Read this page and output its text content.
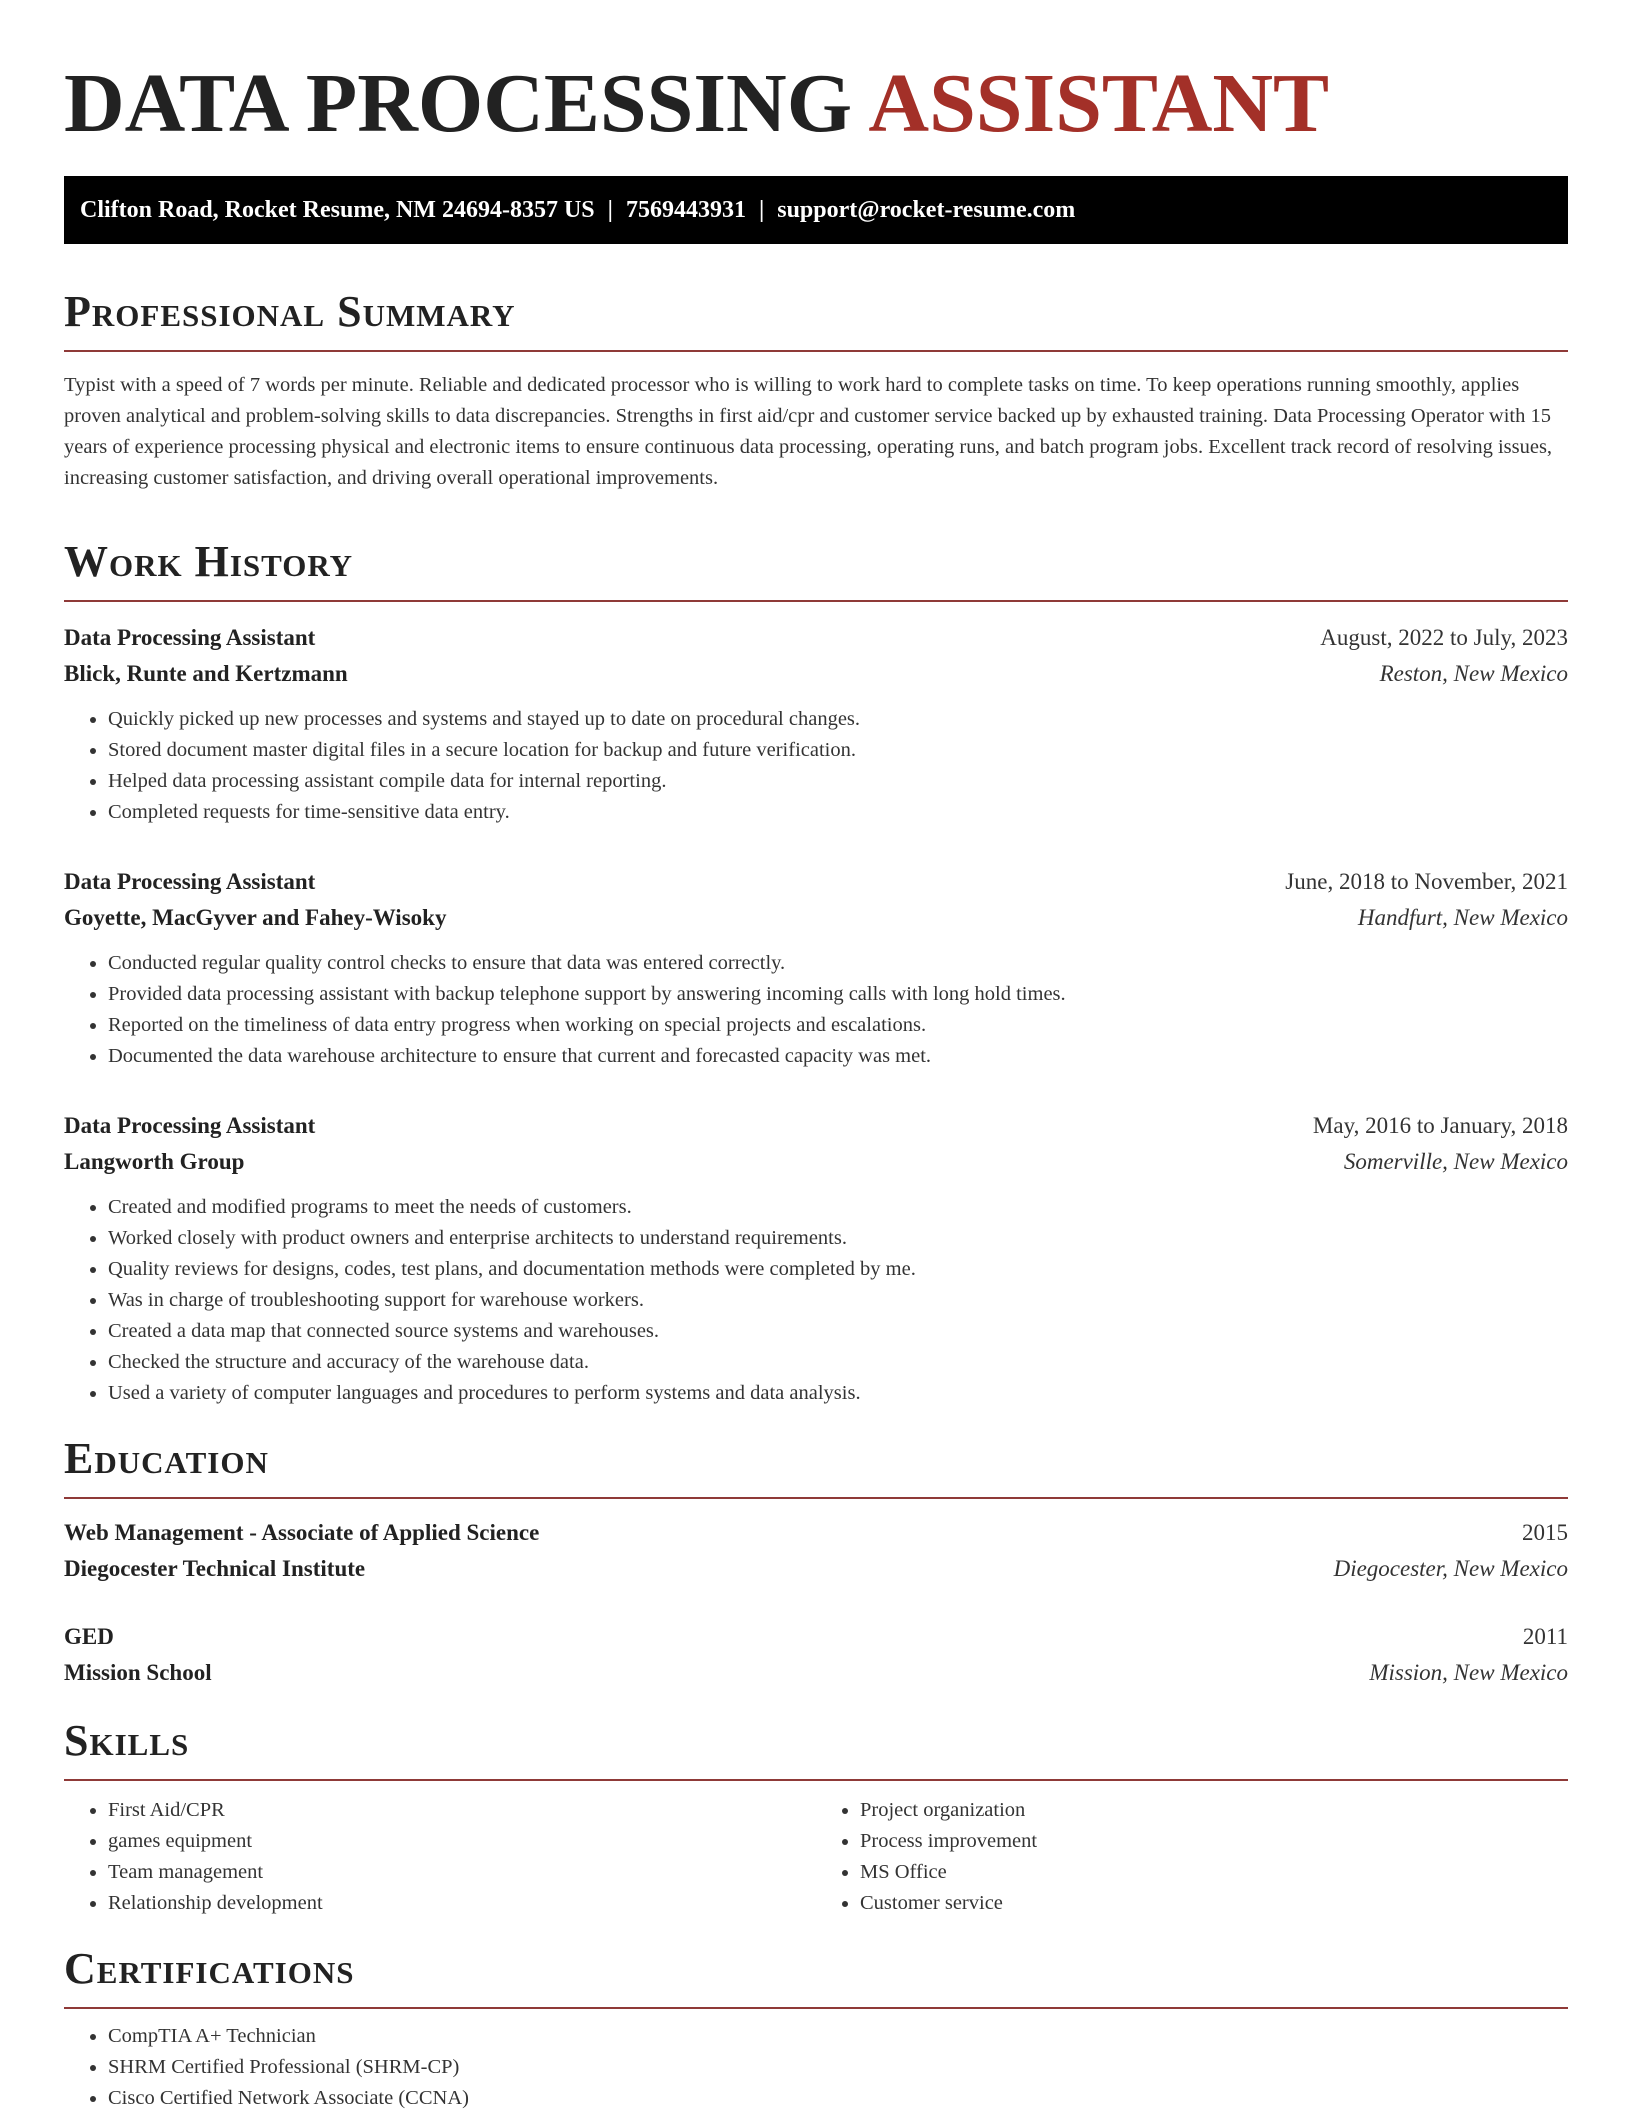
DATA PROCESSING ASSISTANT
Clifton Road, Rocket Resume, NM 24694-8357 US | 7569443931 | support@rocket-resume.com
Professional Summary

Typist with a speed of 7 words per minute. Reliable and dedicated processor who is willing to work hard to complete tasks on time. To keep operations running smoothly, applies proven analytical and problem-solving skills to data discrepancies. Strengths in first aid/cpr and customer service backed up by exhausted training. Data Processing Operator with 15 years of experience processing physical and electronic items to ensure continuous data processing, operating runs, and batch program jobs. Excellent track record of resolving issues, increasing customer satisfaction, and driving overall operational improvements.

Work History
Data Processing Assistant	August, 2022 to July, 2023
Blick, Runte and Kertzmann	Reston, New Mexico
• Quickly picked up new processes and systems and stayed up to date on procedural changes.
• Stored document master digital files in a secure location for backup and future verification.
• Helped data processing assistant compile data for internal reporting.
• Completed requests for time-sensitive data entry.
Data Processing Assistant	June, 2018 to November, 2021
Goyette, MacGyver and Fahey-Wisoky	Handfurt, New Mexico
• Conducted regular quality control checks to ensure that data was entered correctly.
• Provided data processing assistant with backup telephone support by answering incoming calls with long hold times.
• Reported on the timeliness of data entry progress when working on special projects and escalations.
• Documented the data warehouse architecture to ensure that current and forecasted capacity was met.
Data Processing Assistant	May, 2016 to January, 2018
Langworth Group	Somerville, New Mexico
• Created and modified programs to meet the needs of customers.
• Worked closely with product owners and enterprise architects to understand requirements.
• Quality reviews for designs, codes, test plans, and documentation methods were completed by me.
• Was in charge of troubleshooting support for warehouse workers.
• Created a data map that connected source systems and warehouses.
• Checked the structure and accuracy of the warehouse data.
• Used a variety of computer languages and procedures to perform systems and data analysis.
Education
Web Management - Associate of Applied Science	2015
Diegocester Technical Institute	Diegocester, New Mexico
GED	2011
Mission School	Mission, New Mexico
Skills
• First Aid/CPR
• games equipment
• Team management
• Relationship development
• Project organization
• Process improvement
• MS Office
• Customer service
Certifications
• CompTIA A+ Technician
• SHRM Certified Professional (SHRM-CP)
• Cisco Certified Network Associate (CCNA)
